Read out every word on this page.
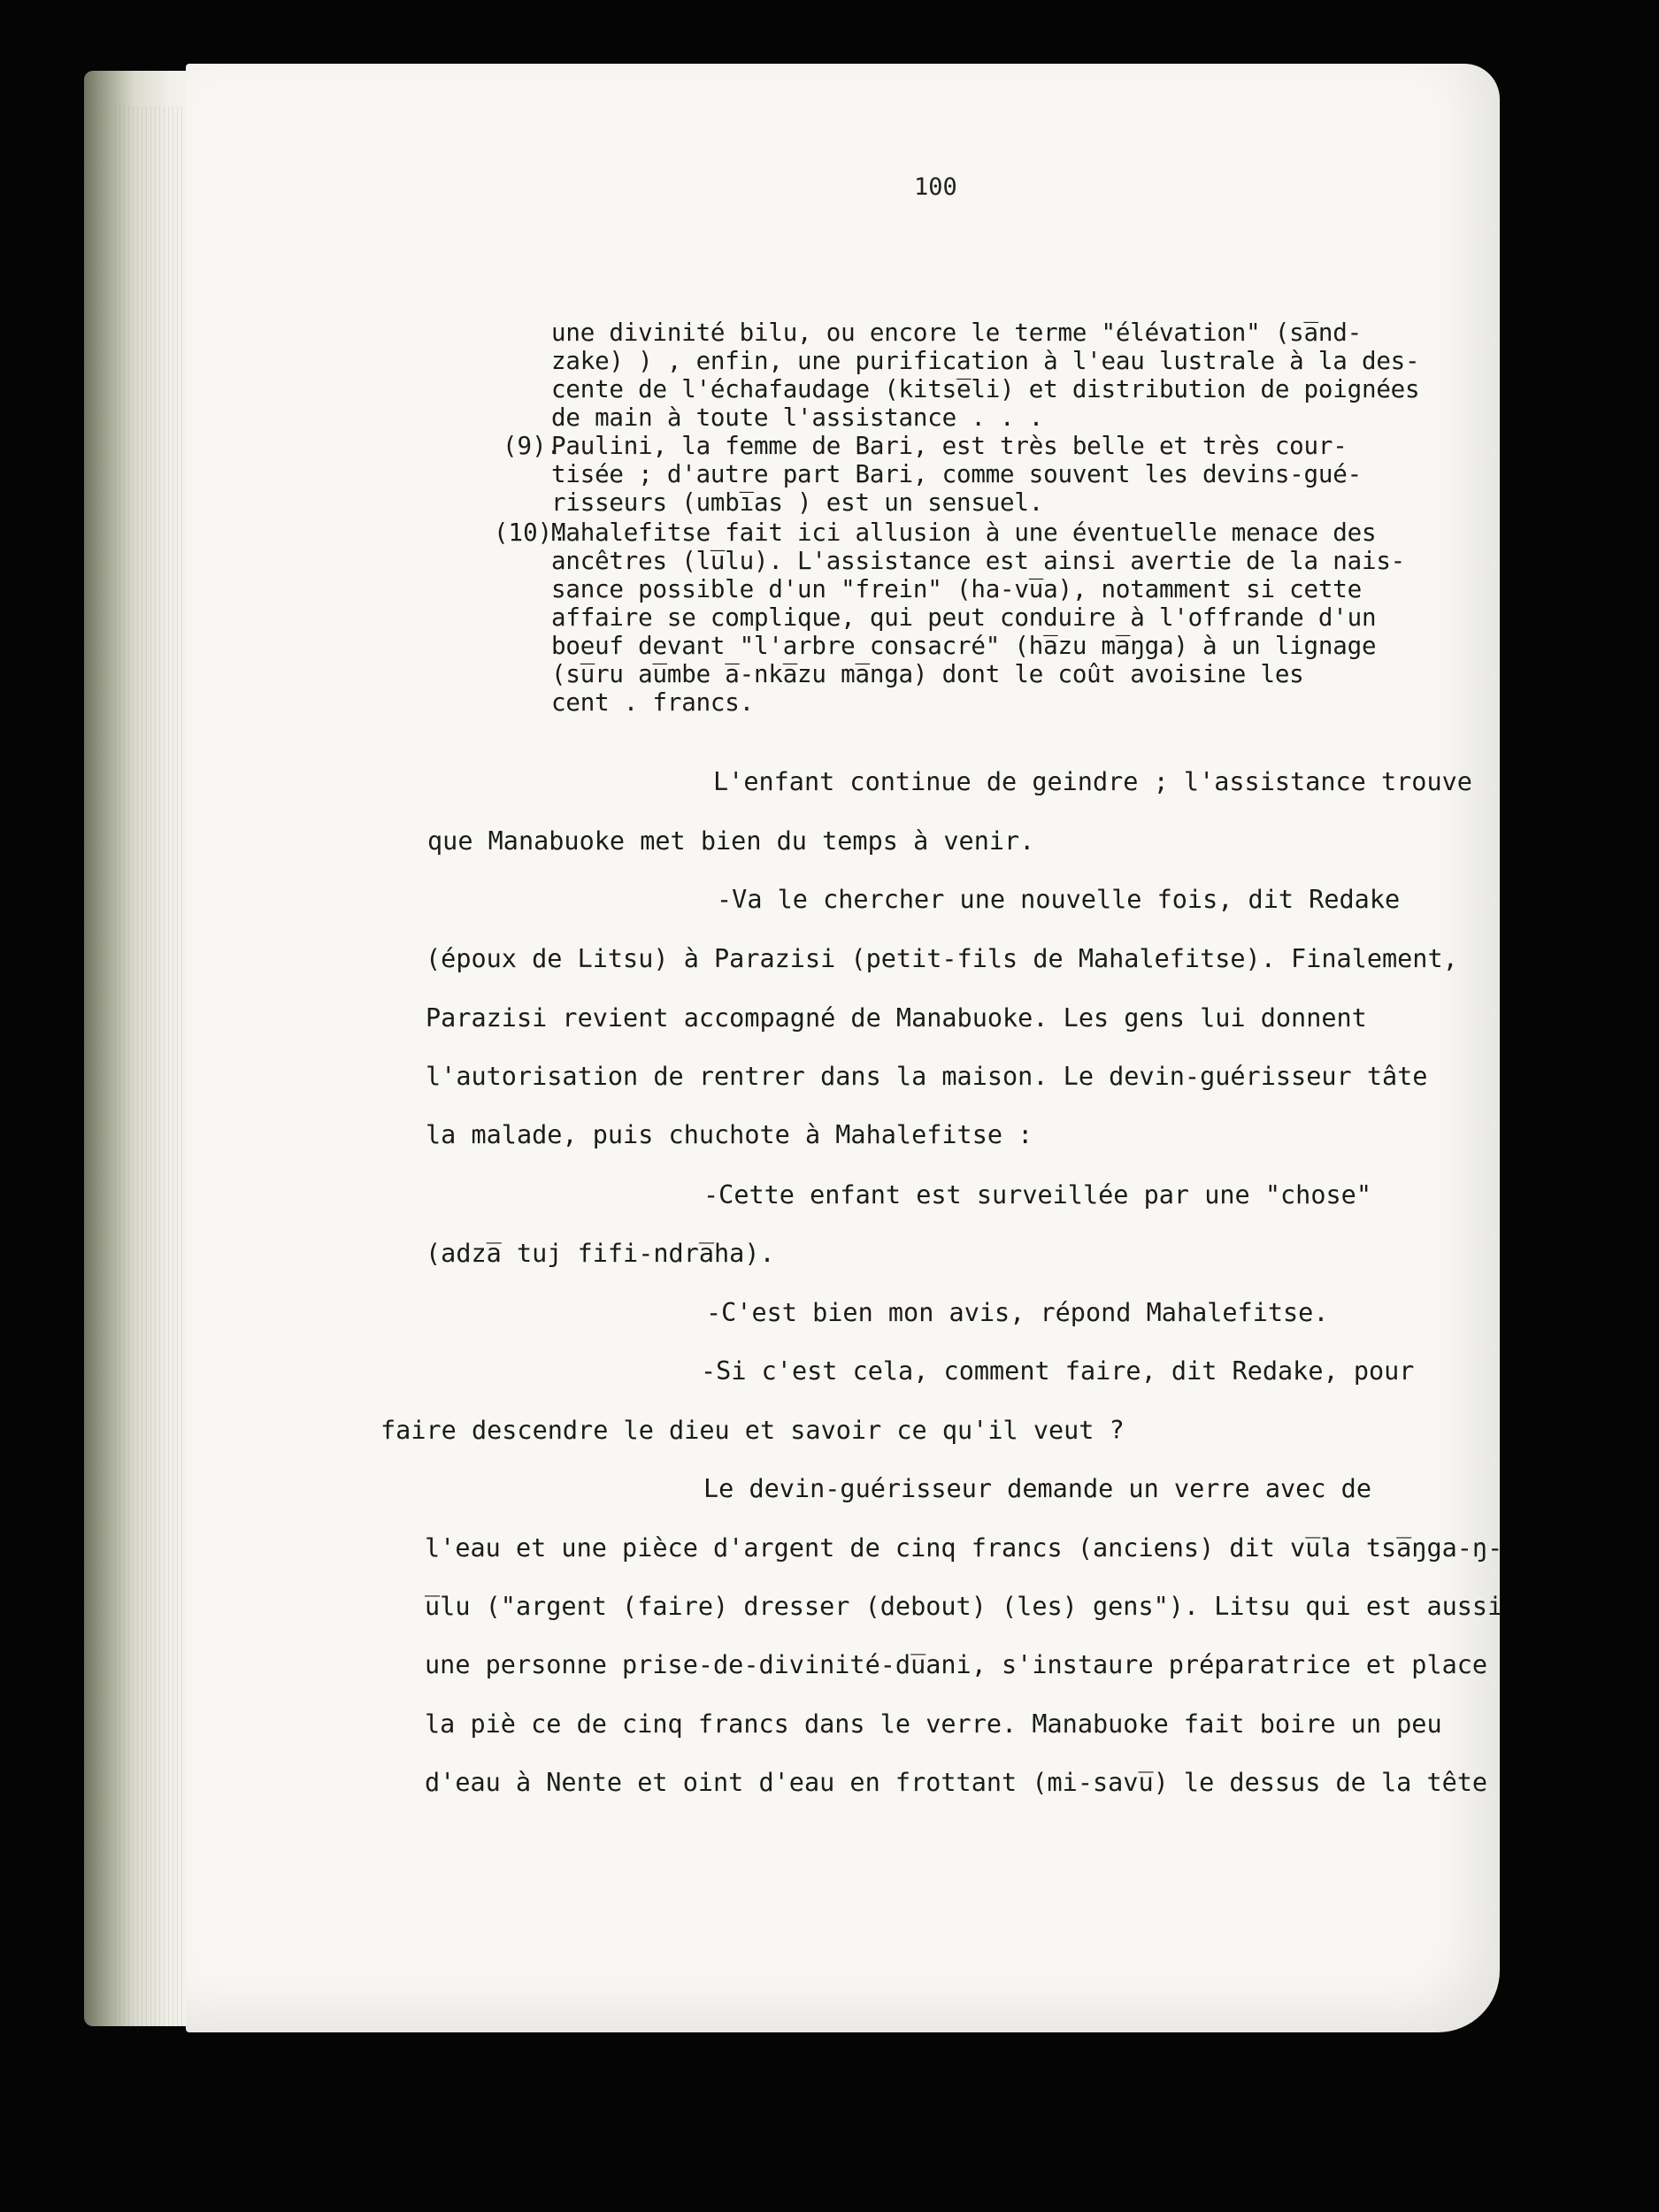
100
une divinité bilu, ou encore le terme "élévation" (sa̅nd-
zake) ) , enfin, une purification à l'eau lustrale à la des-
cente de l'échafaudage (kitse̅li) et distribution de poignées
de main à toute l'assistance . . .
(9).
Paulini, la femme de Bari, est très belle et très cour-
tisée ; d'autre part Bari, comme souvent les devins-gué-
risseurs (umbi̅as ) est un sensuel.
(10).
Mahalefitse fait ici allusion à une éventuelle menace des
ancêtres (lu̅lu). L'assistance est ainsi avertie de la nais-
sance possible d'un "frein" (ha-vu̅a), notamment si cette
affaire se complique, qui peut conduire à l'offrande d'un
boeuf devant "l'arbre consacré" (ha̅zu ma̅ŋga) à un lignage
(su̅ru au̅mbe a̅-nka̅zu ma̅nga) dont le coût avoisine les
cent . francs.
L'enfant continue de geindre ; l'assistance trouve
que Manabuoke met bien du temps à venir.
-Va le chercher une nouvelle fois, dit Redake
(époux de Litsu) à Parazisi (petit-fils de Mahalefitse). Finalement,
Parazisi revient accompagné de Manabuoke. Les gens lui donnent
l'autorisation de rentrer dans la maison. Le devin-guérisseur tâte
la malade, puis chuchote à Mahalefitse :
-Cette enfant est surveillée par une "chose"
(adza̅ tuj fifi-ndra̅ha).
-C'est bien mon avis, répond Mahalefitse.
-Si c'est cela, comment faire, dit Redake, pour
faire descendre le dieu et savoir ce qu'il veut ?
Le devin-guérisseur demande un verre avec de
l'eau et une pièce d'argent de cinq francs (anciens) dit vu̅la tsa̅ŋga-ŋ-
u̅lu ("argent (faire) dresser (debout) (les) gens"). Litsu qui est aussi
une personne prise-de-divinité-du̅ani, s'instaure préparatrice et place
la piè ce de cinq francs dans le verre. Manabuoke fait boire un peu
d'eau à Nente et oint d'eau en frottant (mi-savu̅) le dessus de la tête
